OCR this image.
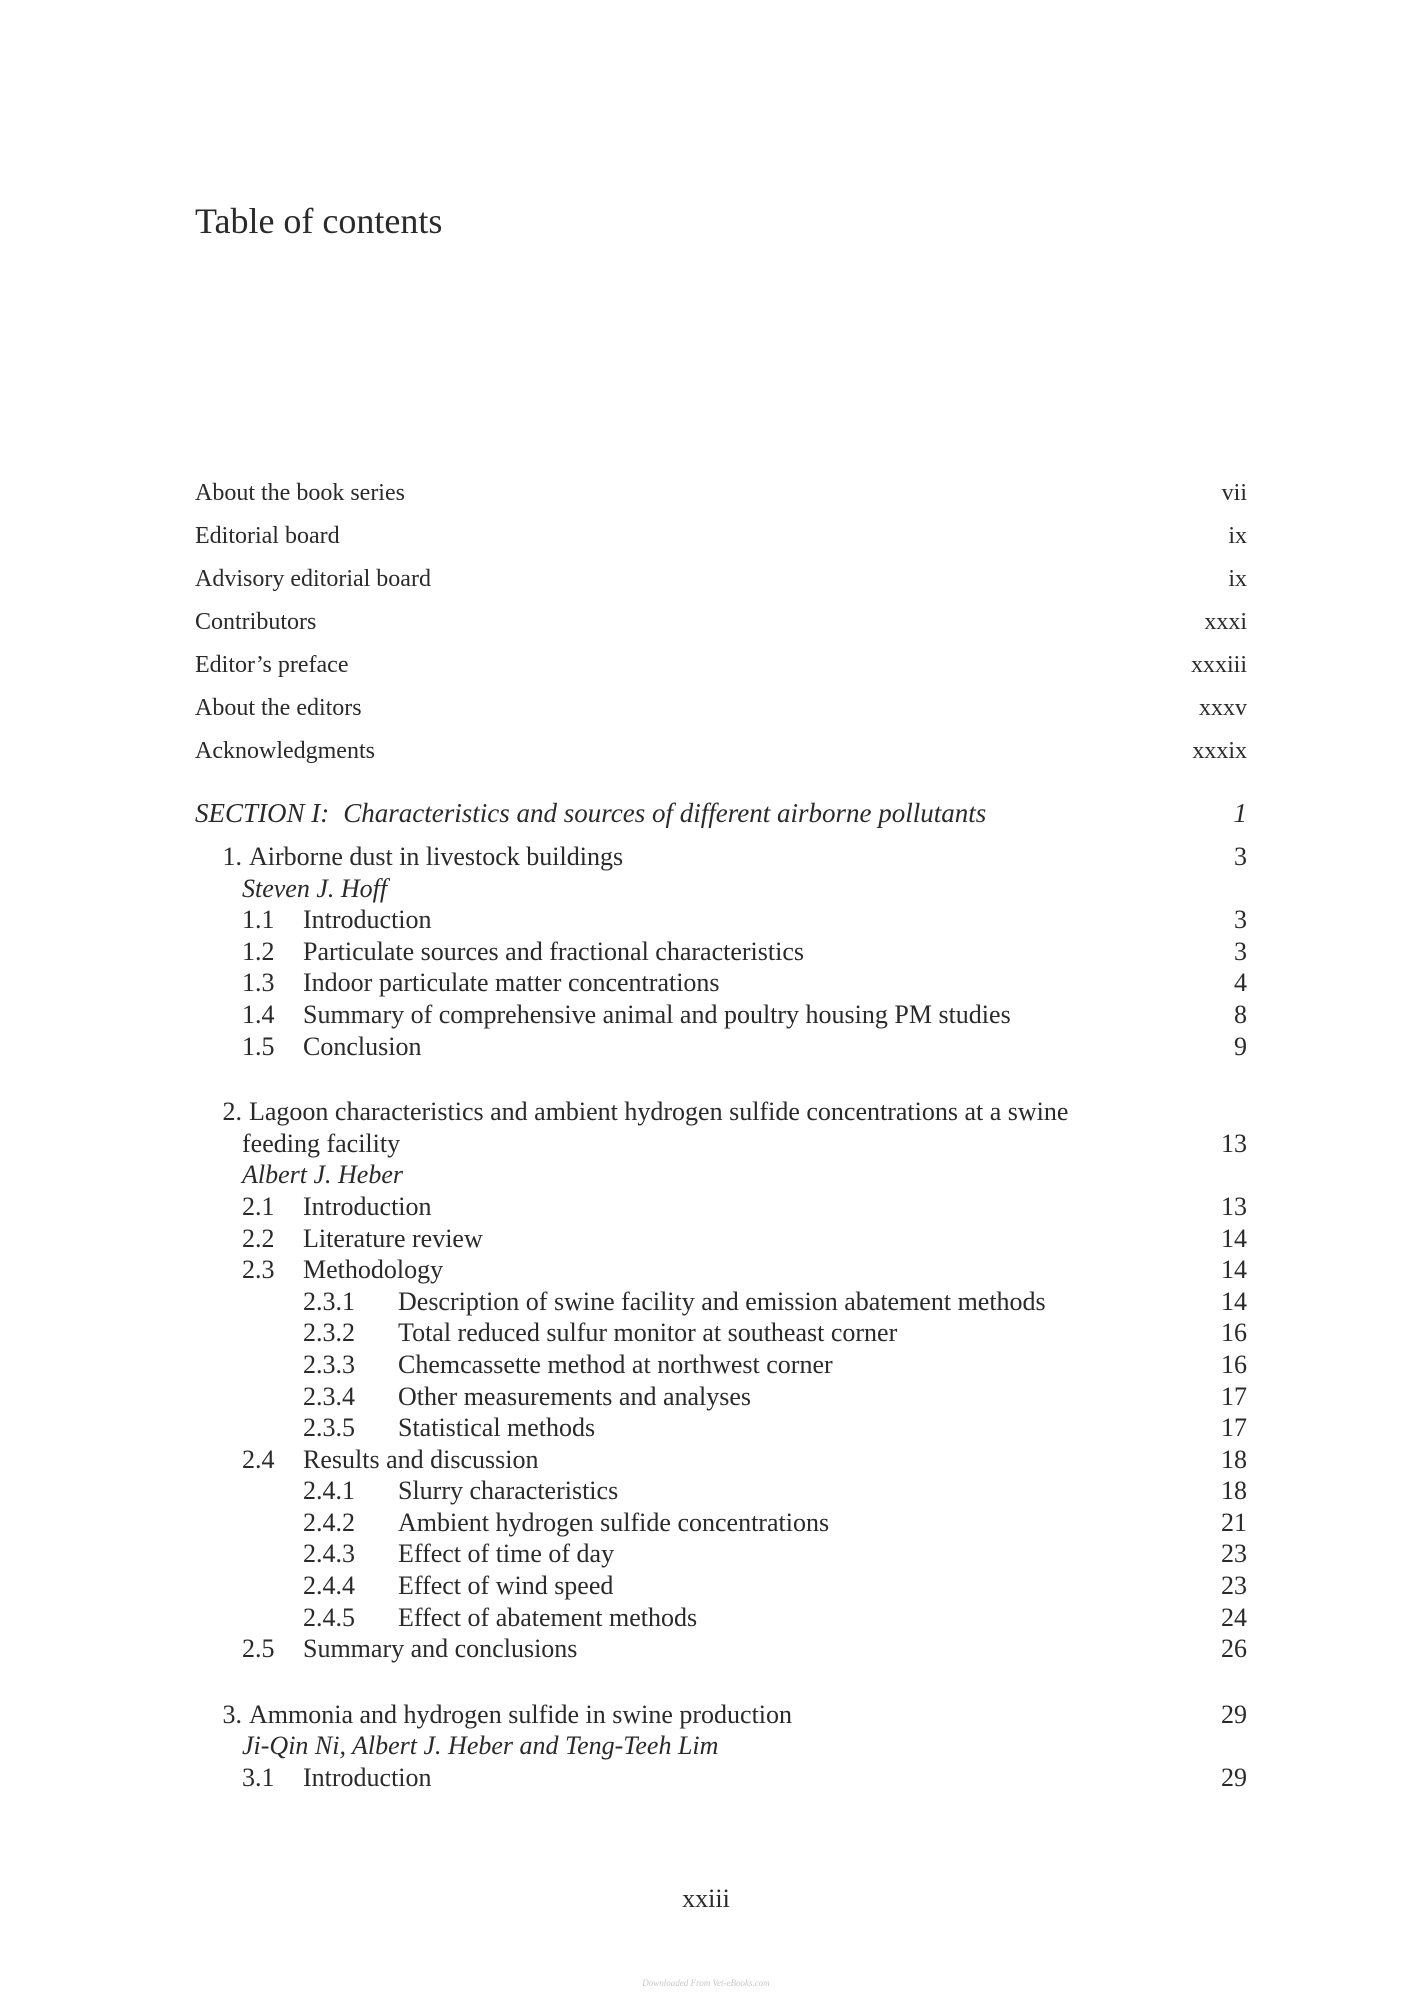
Table of contents
About the book series	vii
Editorial board	ix
Advisory editorial board	ix
Contributors	xxxi
Editor’s preface	xxxiii
About the editors	xxxv
Acknowledgments	xxxix
SECTION I: Characteristics and sources of different airborne pollutants	1
1. Airborne dust in livestock buildings	3
Steven J. Hoff
1.1 Introduction	3
1.2 Particulate sources and fractional characteristics	3
1.3 Indoor particulate matter concentrations	4
1.4 Summary of comprehensive animal and poultry housing PM studies	8
1.5 Conclusion	9
2. Lagoon characteristics and ambient hydrogen sulfide concentrations at a swine
feeding facility	13
Albert J. Heber
2.1 Introduction	13
2.2 Literature review	14
2.3 Methodology	14
2.3.1 Description of swine facility and emission abatement methods	14
2.3.2 Total reduced sulfur monitor at southeast corner	16
2.3.3 Chemcassette method at northwest corner	16
2.3.4 Other measurements and analyses	17
2.3.5 Statistical methods	17
2.4 Results and discussion	18
2.4.1 Slurry characteristics	18
2.4.2 Ambient hydrogen sulfide concentrations	21
2.4.3 Effect of time of day	23
2.4.4 Effect of wind speed	23
2.4.5 Effect of abatement methods	24
2.5 Summary and conclusions	26
3. Ammonia and hydrogen sulfide in swine production	29
Ji-Qin Ni, Albert J. Heber and Teng-Teeh Lim
3.1 Introduction	29
xxiii
Downloaded From Vet-eBooks.com
